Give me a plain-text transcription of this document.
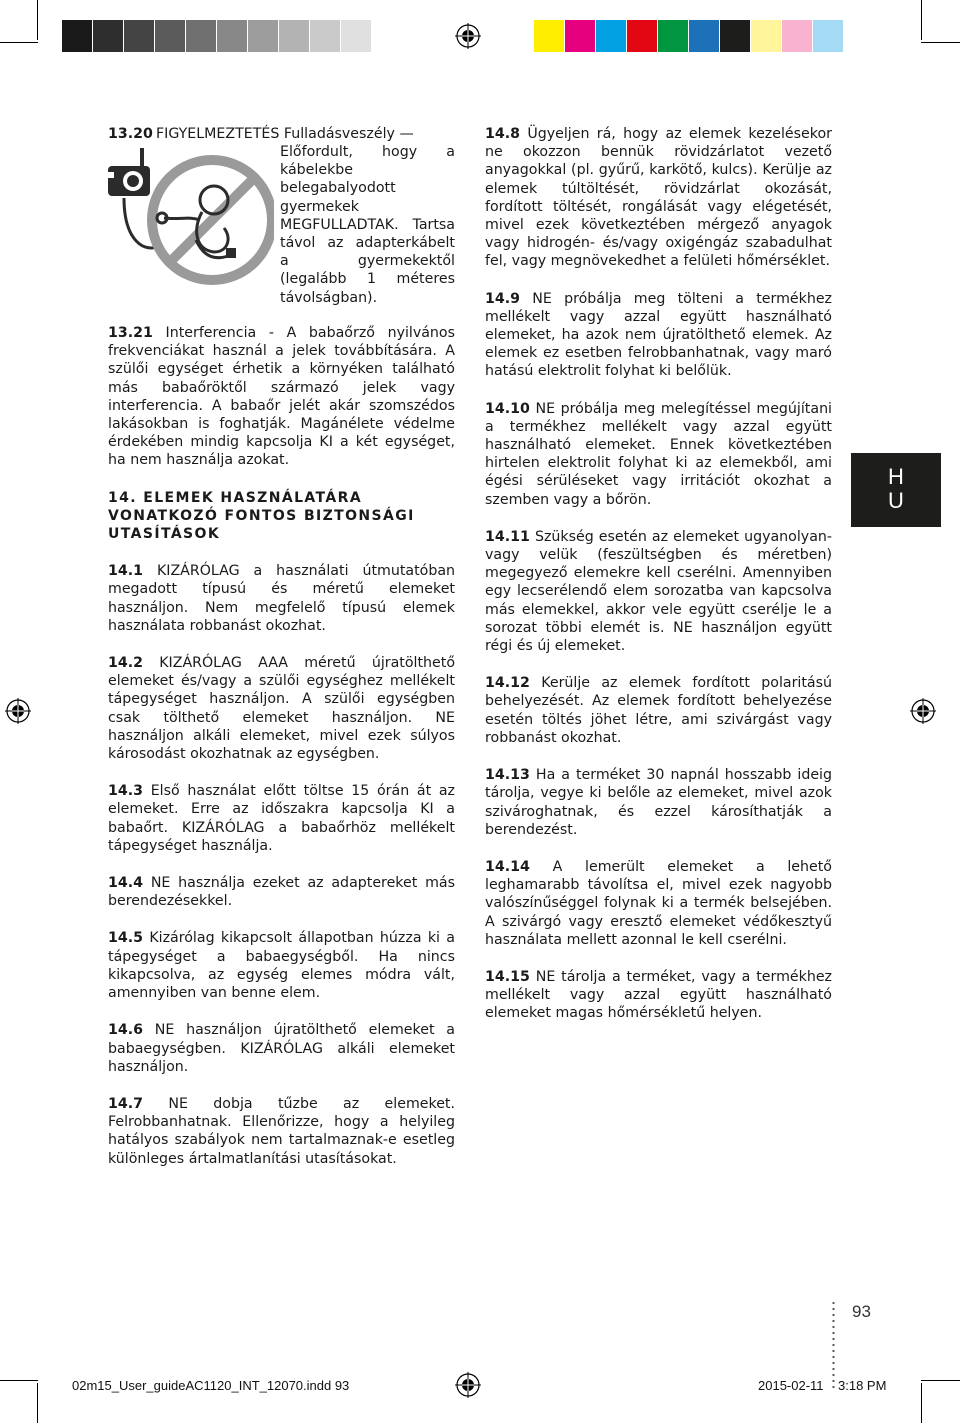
13.20 FIGYELMEZTETÉS Fulladásveszély —
Előfordult, hogy a
kábelekbe
belegabalyodott
gyermekek
MEGFULLADTAK. Tartsa
távol az adapterkábelt
a gyermekektől
(legalább 1 méteres
távolságban).

13.21 Interferencia - A babaőrző nyilvános frekvenciákat használ a jelek továbbítására. A szülői egységet érhetik a környéken található más babaőröktől származó jelek vagy interferencia. A babaőr jelét akár szomszédos lakásokban is foghatják. Magánélete védelme érdekében mindig kapcsolja KI a két egységet, ha nem használja azokat.

14. ELEMEK HASZNÁLATÁRA VONATKOZÓ FONTOS BIZTONSÁGI UTASÍTÁSOK

14.1 KIZÁRÓLAG a használati útmutatóban megadott típusú és méretű elemeket használjon. Nem megfelelő típusú elemek használata robbanást okozhat.

14.2 KIZÁRÓLAG AAA méretű újratölthető elemeket és/vagy a szülői egységhez mellékelt tápegységet használjon. A szülői egységben csak tölthető elemeket használjon. NE használjon alkáli elemeket, mivel ezek súlyos károsodást okozhatnak az egységben.

14.3 Első használat előtt töltse 15 órán át az elemeket. Erre az időszakra kapcsolja KI a babaőrt. KIZÁRÓLAG a babaőrhöz mellékelt tápegységet használja.

14.4 NE használja ezeket az adaptereket más berendezésekkel.

14.5 Kizárólag kikapcsolt állapotban húzza ki a tápegységet a babaegységből. Ha nincs kikapcsolva, az egység elemes módra vált, amennyiben van benne elem.

14.6 NE használjon újratölthető elemeket a babaegységben. KIZÁRÓLAG alkáli elemeket használjon.

14.7 NE dobja tűzbe az elemeket. Felrobbanhatnak. Ellenőrizze, hogy a helyileg hatályos szabályok nem tartalmaznak-e esetleg különleges ártalmatlanítási utasításokat.

14.8 Ügyeljen rá, hogy az elemek kezelésekor ne okozzon bennük rövidzárlatot vezető anyagokkal (pl. gyűrű, karkötő, kulcs). Kerülje az elemek túltöltését, rövidzárlat okozását, fordított töltését, rongálását vagy elégetését, mivel ezek következtében mérgező anyagok vagy hidrogén- és/vagy oxigéngáz szabadulhat fel, vagy megnövekedhet a felületi hőmérséklet.

14.9 NE próbálja meg tölteni a termékhez mellékelt vagy azzal együtt használható elemeket, ha azok nem újratölthető elemek. Az elemek ez esetben felrobbanhatnak, vagy maró hatású elektrolit folyhat ki belőlük.

14.10 NE próbálja meg melegítéssel megújítani a termékhez mellékelt vagy azzal együtt használható elemeket. Ennek következtében hirtelen elektrolit folyhat ki az elemekből, ami égési sérüléseket vagy irritációt okozhat a szemben vagy a bőrön.

14.11 Szükség esetén az elemeket ugyanolyan-vagy velük (feszültségben és méretben) megegyező elemekre kell cserélni. Amennyiben egy lecserélendő elem sorozatba van kapcsolva más elemekkel, akkor vele együtt cserélje le a sorozat többi elemét is. NE használjon együtt régi és új elemeket.

14.12 Kerülje az elemek fordított polaritású behelyezését. Az elemek fordított behelyezése esetén töltés jöhet létre, ami szivárgást vagy robbanást okozhat.

14.13 Ha a terméket 30 napnál hosszabb ideig tárolja, vegye ki belőle az elemeket, mivel azok szivároghatnak, és ezzel károsíthatják a berendezést.

14.14 A lemerült elemeket a lehető leghamarabb távolítsa el, mivel ezek nagyobb valószínűséggel folynak ki a termék belsejében. A szivárgó vagy eresztő elemeket védőkesztyű használata mellett azonnal le kell cserélni.

14.15 NE tárolja a terméket, vagy a termékhez mellékelt vagy azzal együtt használható elemeket magas hőmérsékletű helyen.

H
U
93
02m15_User_guideAC1120_INT_12070.indd 93	2015-02-11 3:18 PM
